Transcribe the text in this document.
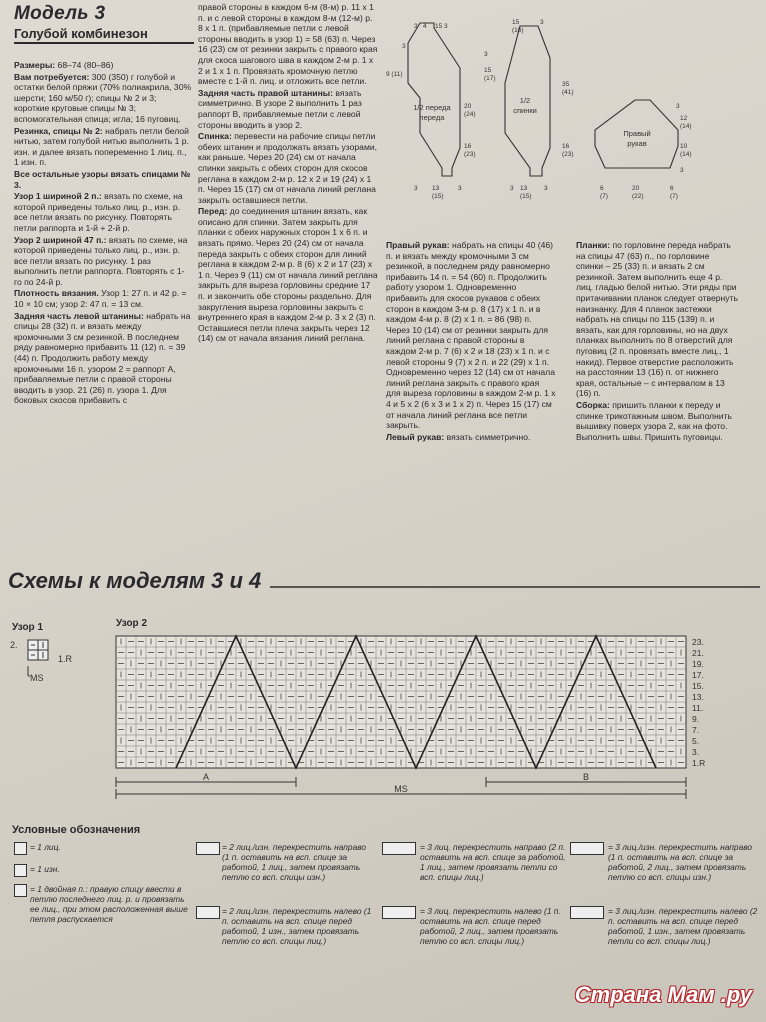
Модель 3
Голубой комбинезон

Размеры: 68–74 (80–86)

Вам потребуется: 300 (350) г голубой и остатки белой пряжи (70% полиакрила, 30% шерсти; 160 м/50 г); спицы № 2 и 3; короткие круговые спицы № 3; вспомогательная спица; игла; 16 пуговиц.

Резинка, спицы № 2: набрать петли белой нитью, затем голубой нитью выполнить 1 р. изн. и далее вязать попеременно 1 лиц. п., 1 изн. п.

Все остальные узоры вязать спицами № 3.

Узор 1 шириной 2 п.: вязать по схеме, на которой приведены только лиц. р., изн. р. все петли вязать по рисунку. Повторять петли раппорта и 1-й + 2-й р.

Узор 2 шириной 47 п.: вязать по схеме, на которой приведены только лиц. р., изн. р. все петли вязать по рисунку. 1 раз выполнить петли раппорта. Повторять с 1-го по 24-й р.

Плотность вязания. Узор 1: 27 п. и 42 р. = 10 × 10 см; узор 2: 47 п. = 13 см.

Задняя часть левой штанины: набрать на спицы 28 (32) п. и вязать между кромочными 3 см резинкой. В последнем ряду равномерно прибавить 11 (12) п. = 39 (44) п. Продолжить работу между кромочными 16 п. узором 2 = раппорт А, прибавляемые петли с правой стороны вводить в узор. 21 (26) п. узора 1. Для боковых скосов прибавить с

правой стороны в каждом 6-м (8-м) р. 11 х 1 п. и с левой стороны в каждом 8-м (12-м) р. 8 х 1 п. (прибавляемые петли с левой стороны вводить в узор 1) = 58 (63) п. Через 16 (23) см от резинки закрыть с правого края для скоса шагового шва в каждом 2-м р. 1 х 2 и 1 х 1 п. Провязать кромочную петлю вместе с 1-й п. лиц. и отложить все петли.

Задняя часть правой штанины: вязать симметрично. В узоре 2 выполнить 1 раз раппорт В, прибавляемые петли с левой стороны вводить в узор 2.

Спинка: перевести на рабочие спицы петли обеих штанин и продолжать вязать узорами, как раньше. Через 20 (24) см от начала спинки закрыть с обеих сторон для скосов реглана в каждом 2-м р. 12 х 2 и 19 (24) х 1 п. Через 15 (17) см от начала линий реглана закрыть оставшиеся петли.

Перед: до соединения штанин вязать, как описано для спинки. Затем закрыть для планки с обеих наружных сторон 1 х 6 п. и вязать прямо. Через 20 (24) см от начала переда закрыть с обеих сторон для линий реглана в каждом 2-м р. 8 (6) х 2 и 17 (23) х 1 п. Через 9 (11) см от начала линий реглана закрыть для выреза горловины средние 17 п. и закончить обе стороны раздельно. Для закругления выреза горловины закрыть с внутреннего края в каждом 2-м р. 3 х 2 (3) п. Оставшиеся петли плеча закрыть через 12 (14) см от начала вязания линий реглана.

Правый рукав: набрать на спицы 40 (46) п. и вязать между кромочными 3 см резинкой, в последнем ряду равномерно прибавить 14 п. = 54 (60) п. Продолжить работу узором 1. Одновременно прибавить для скосов рукавов с обеих сторон в каждом 3-м р. 8 (17) х 1 п. и в каждом 4-м р. 8 (2) х 1 п. = 86 (98) п. Через 10 (14) см от резинки закрыть для линий реглана с правой стороны в каждом 2-м р. 7 (6) х 2 и 18 (23) х 1 п. и с левой стороны 9 (7) х 2 п. и 22 (29) х 1 п. Одновременно через 12 (14) см от начала линий реглана закрыть с правого края для выреза горловины в каждом 2-м р. 1 х 4 и 5 х 2 (6 х 3 и 1 х 2) п. Через 15 (17) см от начала линий реглана все петли закрыть.

Левый рукав: вязать симметрично.

Планки: по горловине переда набрать на спицы 47 (63) п., по горловине спинки – 25 (33) п. и вязать 2 см резинкой. Затем выполнить еще 4 р. лиц. гладью белой нитью. Эти ряды при притачивании планок следует отвернуть наизнанку. Для 4 планок застежки набрать на спицы по 115 (139) п. и вязать, как для горловины, но на двух планках выполнить по 8 отверстий для пуговиц (2 п. провязать вместе лиц., 1 накид). Первое отверстие расположить на расстоянии 13 (16) п. от нижнего края, остальные – с интервалом в 13 (16) п.

Сборка: пришить планки к переду и спинке трикотажным швом. Выполнить вышивку поверх узора 2, как на фото. Выполнить швы. Пришить пуговицы.

1/2 переда
переда
1/2
спинки
Правый
рукав
3 4 15 3
3
9 (11)
20
(24)
16
(23)
3 13
(15)
3
15
(16)
3
3
15
(17)
35
(41)
16
(23)
3 13
(15)
3
12
(14)
10
(14)
3
3
6
(7)
20
(22)
6
(7)
Схемы к моделям 3 и 4
Узор 1
2.
1.R
MS
Узор 2
23.
21.
19.
17.
15.
13.
11.
9.
7.
5.
3.
1.R
A	B
MS
Условные обозначения
= 1 лиц.
= 1 изн.
= 1 двойная п.: правую спицу ввести в петлю последнего лиц. р. и провязать ее лиц., при этом расположенная выше петля распускается
= 2 лиц./изн. перекрестить направо (1 п. оставить на всп. спице за работой, 1 лиц., затем провязать петлю со всп. спицы изн.)
= 2 лиц./изн. перекрестить налево (1 п. оставить на всп. спице перед работой, 1 изн., затем провязать петлю со всп. спицы лиц.)
= 3 лиц. перекрестить направо (2 п. оставить на всп. спице за работой, 1 лиц., затем провязать петли со всп. спицы лиц.)
= 3 лиц. перекрестить налево (1 п. оставить на всп. спице перед работой, 2 лиц., затем провязать петлю со всп. спицы лиц.)
= 3 лиц./изн. перекрестить направо (1 п. оставить на всп. спице за работой, 2 лиц., затем провязать петлю со всп. спицы изн.)
= 3 лиц./изн. перекрестить налево (2 п. оставить на всп. спице перед работой, 1 изн., затем провязать петли со всп. спицы лиц.)
Страна Мам .ру
